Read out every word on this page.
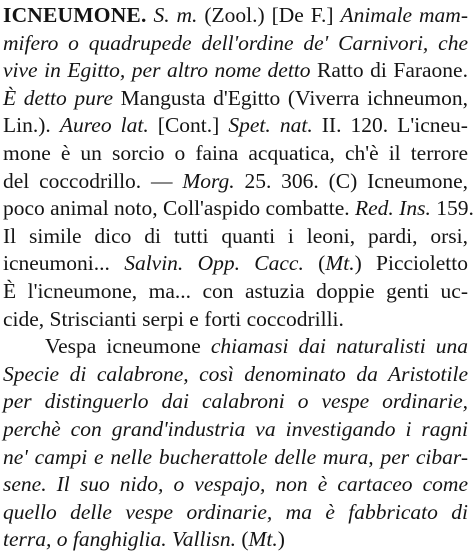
ICNEUMONE. S. m. (Zool.) [De F.] Animale mam-
mifero o quadrupede dell'ordine de' Carnivori, che
vive in Egitto, per altro nome detto Ratto di Faraone.
È detto pure Mangusta d'Egitto (Viverra ichneumon,
Lin.). Aureo lat. [Cont.] Spet. nat. II. 120. L'icneu-
mone è un sorcio o faina acquatica, ch'è il terrore
del coccodrillo. — Morg. 25. 306. (C) Icneumone,
poco animal noto, Coll'aspido combatte. Red. Ins. 159.
Il simile dico di tutti quanti i leoni, pardi, orsi,
icneumoni... Salvin. Opp. Cacc. (Mt.) Picciolettо
È l'icneumone, ma... con astuzia doppie genti uc-
cide, Striscianti serpi e forti coccodrilli.
Vespa icneumone chiamasi dai naturalisti una
Specie di calabrone, così denominato da Aristotile
per distinguerlo dai calabroni o vespe ordinarie,
perchè con grand'industria va investigando i ragni
ne' campi e nelle bucherattole delle mura, per cibar-
sene. Il suo nido, o vespajo, non è cartaceo come
quello delle vespe ordinarie, ma è fabbricato di
terra, o fanghiglia. Vallisn. (Mt.)
